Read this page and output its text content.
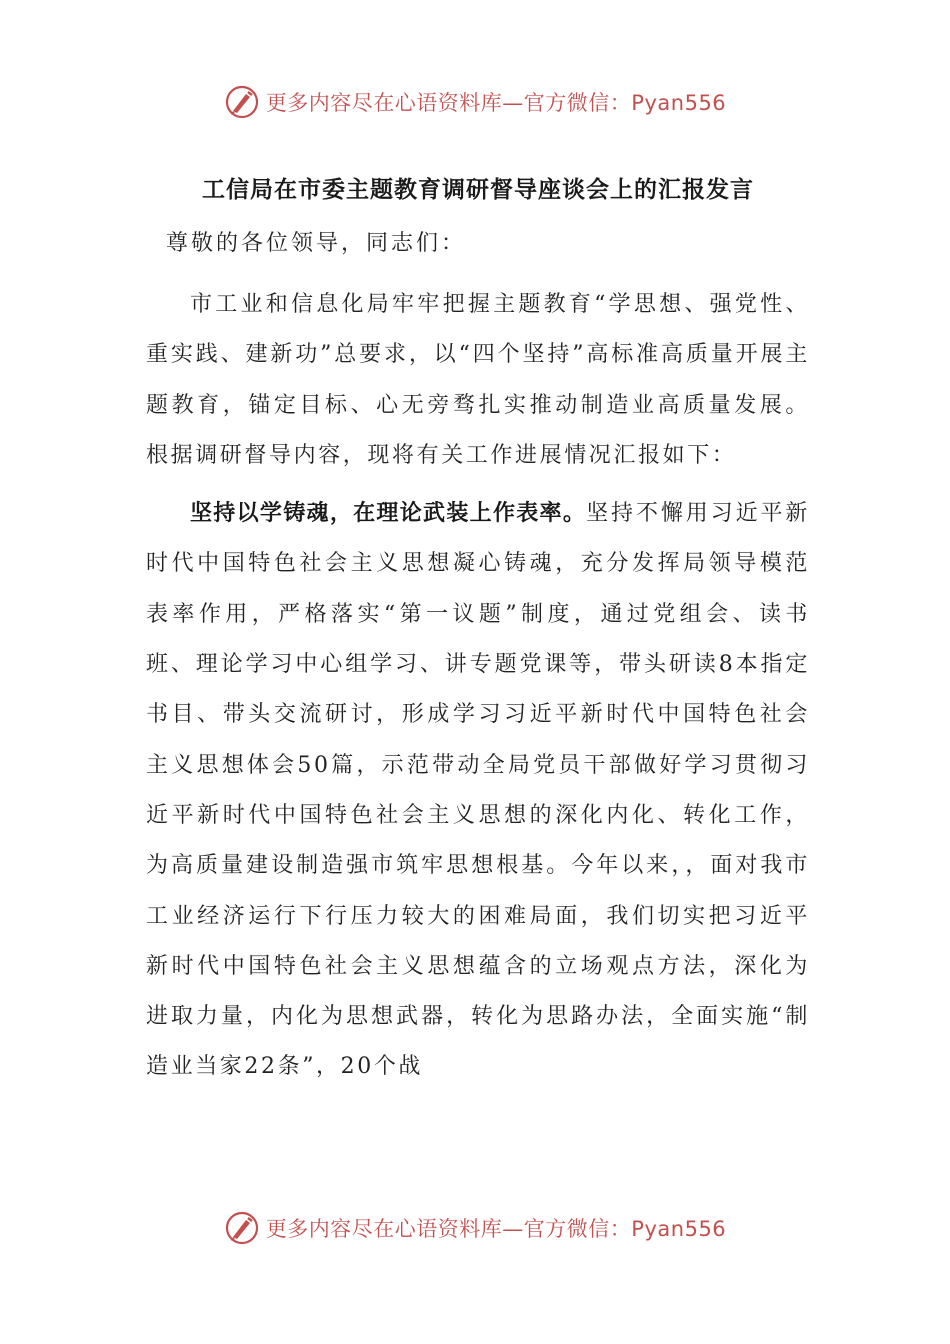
更多内容尽在心语资料库—官方微信：Pyan556
工信局在市委主题教育调研督导座谈会上的汇报发言

尊敬的各位领导，同志们：

市工业和信息化局牢牢把握主题教育“学思想、强党性、重实践、建新功”总要求，以“四个坚持”高标准高质量开展主题教育，锚定目标、心无旁骛扎实推动制造业高质量发展。根据调研督导内容，现将有关工作进展情况汇报如下：

坚持以学铸魂，在理论武装上作表率。坚持不懈用习近平新时代中国特色社会主义思想凝心铸魂，充分发挥局领导模范表率作用，严格落实“第一议题”制度，通过党组会、读书班、理论学习中心组学习、讲专题党课等，带头研读8本指定书目、带头交流研讨，形成学习习近平新时代中国特色社会主义思想体会50篇，示范带动全局党员干部做好学习贯彻习近平新时代中国特色社会主义思想的深化内化、转化工作，为高质量建设制造强市筑牢思想根基。今年以来，，面对我市工业经济运行下行压力较大的困难局面，我们切实把习近平新时代中国特色社会主义思想蕴含的立场观点方法，深化为进取力量，内化为思想武器，转化为思路办法，全面实施“制造业当家22条”，20个战

更多内容尽在心语资料库—官方微信：Pyan556
